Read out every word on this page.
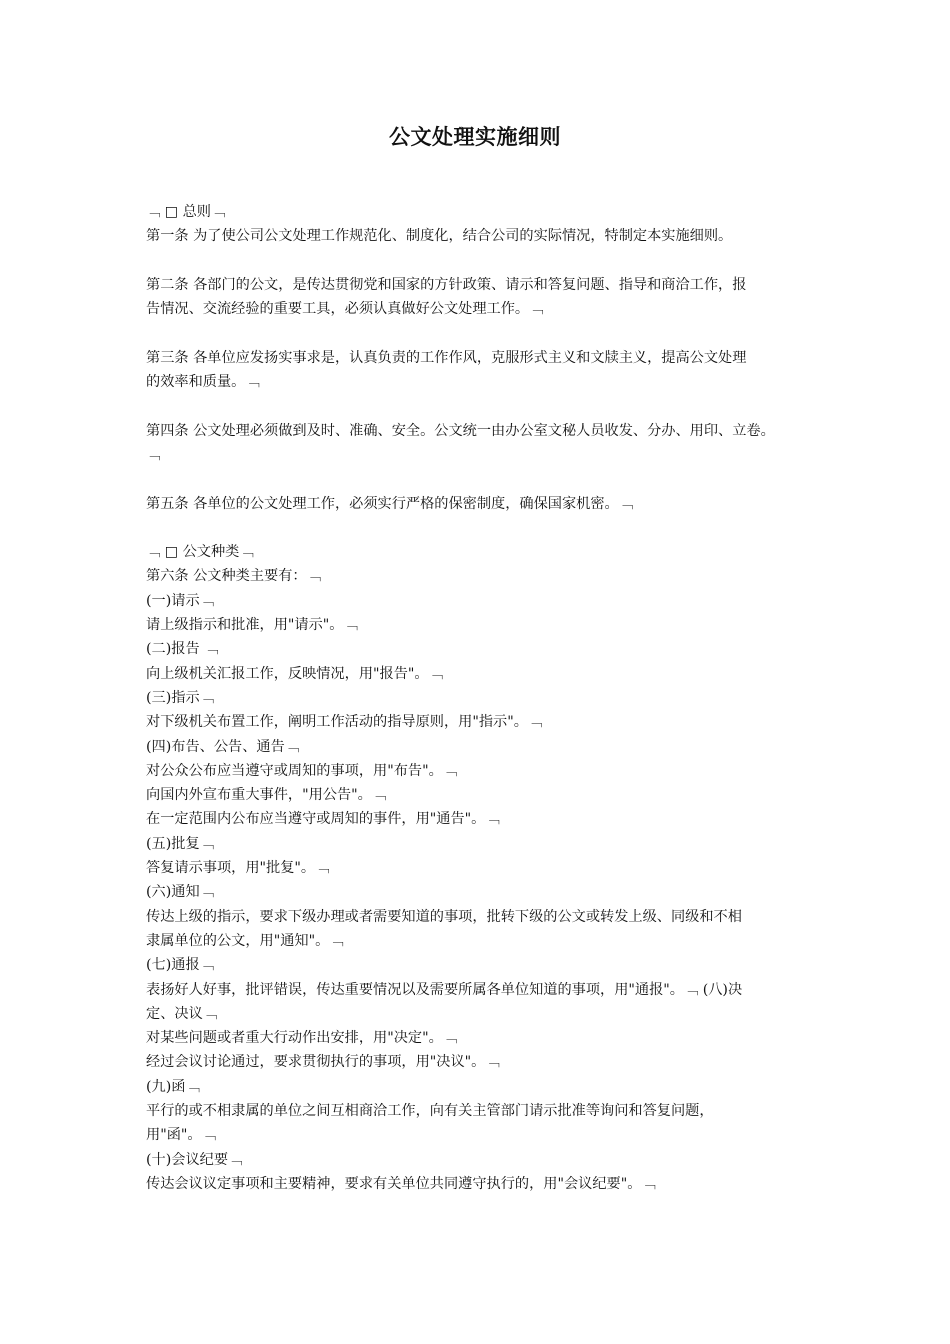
公文处理实施细则

﹁ □ 总则﹁

第一条 为了使公司公文处理工作规范化、制度化，结合公司的实际情况，特制定本实施细则。

第二条 各部门的公文，是传达贯彻党和国家的方针政策、请示和答复问题、指导和商洽工作，报

告情况、交流经验的重要工具，必须认真做好公文处理工作。﹁

第三条 各单位应发扬实事求是，认真负责的工作作风，克服形式主义和文牍主义，提高公文处理

的效率和质量。﹁

第四条 公文处理必须做到及时、准确、安全。公文统一由办公室文秘人员收发、分办、用印、立卷。

﹁

第五条 各单位的公文处理工作，必须实行严格的保密制度，确保国家机密。﹁

﹁ □ 公文种类﹁

第六条 公文种类主要有：﹁

(一)请示﹁

请上级指示和批准，用"请示"。﹁

(二)报告 ﹁

向上级机关汇报工作，反映情况，用"报告"。﹁

(三)指示﹁

对下级机关布置工作，阐明工作活动的指导原则，用"指示"。﹁

(四)布告、公告、通告﹁

对公众公布应当遵守或周知的事项，用"布告"。﹁

向国内外宣布重大事件，"用公告"。﹁

在一定范围内公布应当遵守或周知的事件，用"通告"。﹁

(五)批复﹁

答复请示事项，用"批复"。﹁

(六)通知﹁

传达上级的指示，要求下级办理或者需要知道的事项，批转下级的公文或转发上级、同级和不相

隶属单位的公文，用"通知"。﹁

(七)通报﹁

表扬好人好事，批评错误，传达重要情况以及需要所属各单位知道的事项，用"通报"。﹁ (八)决

定、决议﹁

对某些问题或者重大行动作出安排，用"决定"。﹁

经过会议讨论通过，要求贯彻执行的事项，用"决议"。﹁

(九)函﹁

平行的或不相隶属的单位之间互相商洽工作，向有关主管部门请示批准等询问和答复问题，

用"函"。﹁

(十)会议纪要﹁

传达会议议定事项和主要精神，要求有关单位共同遵守执行的，用"会议纪要"。﹁
